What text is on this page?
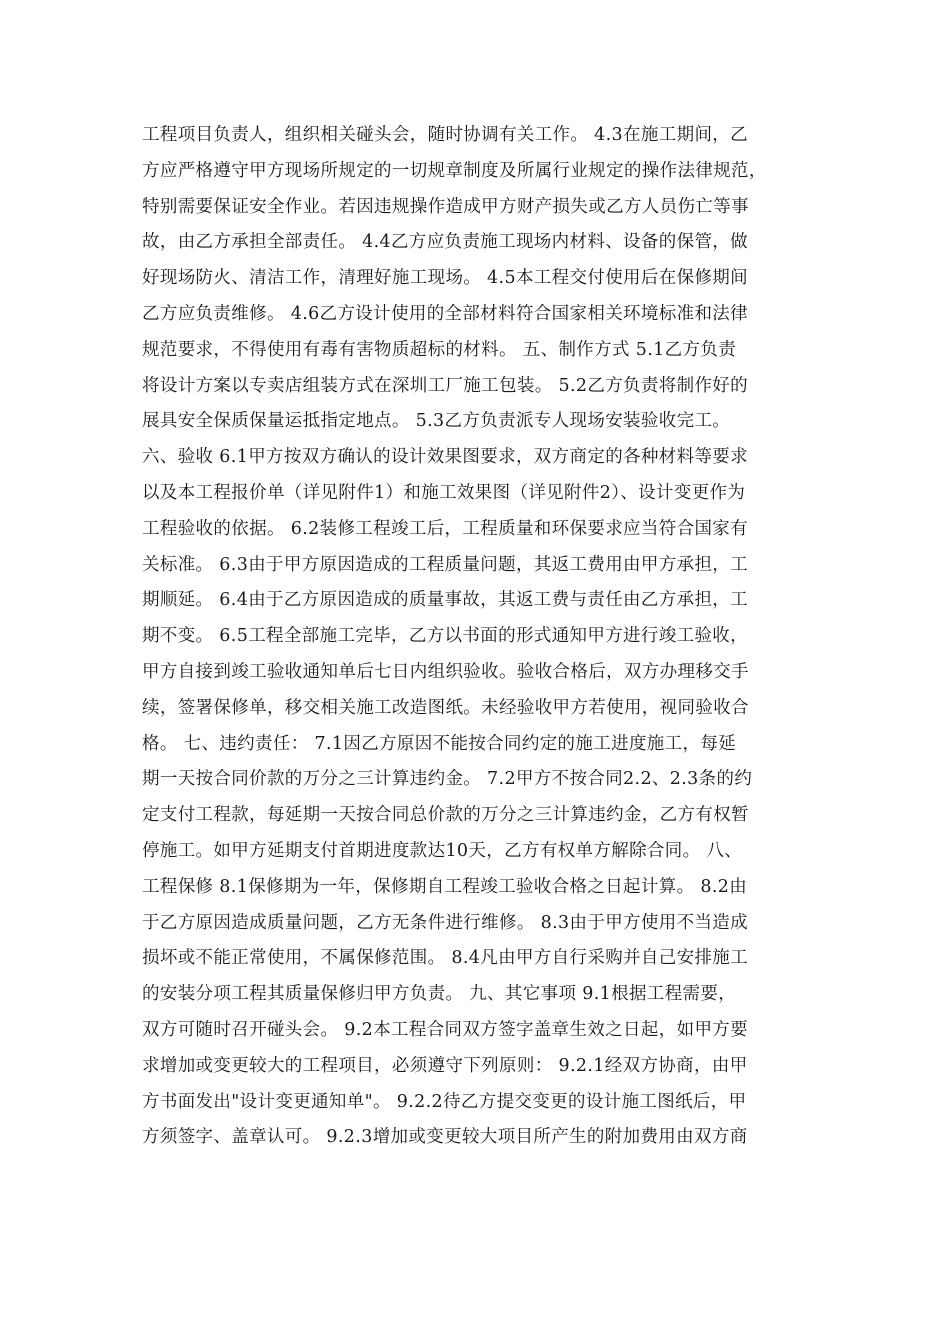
工程项目负责人，组织相关碰头会，随时协调有关工作。 4.3在施工期间，乙
方应严格遵守甲方现场所规定的一切规章制度及所属行业规定的操作法律规范，
特别需要保证安全作业。若因违规操作造成甲方财产损失或乙方人员伤亡等事
故，由乙方承担全部责任。 4.4乙方应负责施工现场内材料、设备的保管，做
好现场防火、清洁工作，清理好施工现场。 4.5本工程交付使用后在保修期间
乙方应负责维修。 4.6乙方设计使用的全部材料符合国家相关环境标准和法律
规范要求，不得使用有毒有害物质超标的材料。 五、制作方式 5.1乙方负责
将设计方案以专卖店组装方式在深圳工厂施工包装。 5.2乙方负责将制作好的
展具安全保质保量运抵指定地点。 5.3乙方负责派专人现场安装验收完工。
六、验收 6.1甲方按双方确认的设计效果图要求，双方商定的各种材料等要求
以及本工程报价单（详见附件1）和施工效果图（详见附件2）、设计变更作为
工程验收的依据。 6.2装修工程竣工后，工程质量和环保要求应当符合国家有
关标准。 6.3由于甲方原因造成的工程质量问题，其返工费用由甲方承担，工
期顺延。 6.4由于乙方原因造成的质量事故，其返工费与责任由乙方承担，工
期不变。 6.5工程全部施工完毕，乙方以书面的形式通知甲方进行竣工验收，
甲方自接到竣工验收通知单后七日内组织验收。验收合格后，双方办理移交手
续，签署保修单，移交相关施工改造图纸。未经验收甲方若使用，视同验收合
格。 七、违约责任： 7.1因乙方原因不能按合同约定的施工进度施工，每延
期一天按合同价款的万分之三计算违约金。 7.2甲方不按合同2.2、2.3条的约
定支付工程款，每延期一天按合同总价款的万分之三计算违约金，乙方有权暂
停施工。如甲方延期支付首期进度款达10天，乙方有权单方解除合同。 八、
工程保修 8.1保修期为一年，保修期自工程竣工验收合格之日起计算。 8.2由
于乙方原因造成质量问题，乙方无条件进行维修。 8.3由于甲方使用不当造成
损坏或不能正常使用，不属保修范围。 8.4凡由甲方自行采购并自己安排施工
的安装分项工程其质量保修归甲方负责。 九、其它事项 9.1根据工程需要，
双方可随时召开碰头会。 9.2本工程合同双方签字盖章生效之日起，如甲方要
求增加或变更较大的工程项目，必须遵守下列原则： 9.2.1经双方协商，由甲
方书面发出"设计变更通知单"。 9.2.2待乙方提交变更的设计施工图纸后，甲
方须签字、盖章认可。 9.2.3增加或变更较大项目所产生的附加费用由双方商
